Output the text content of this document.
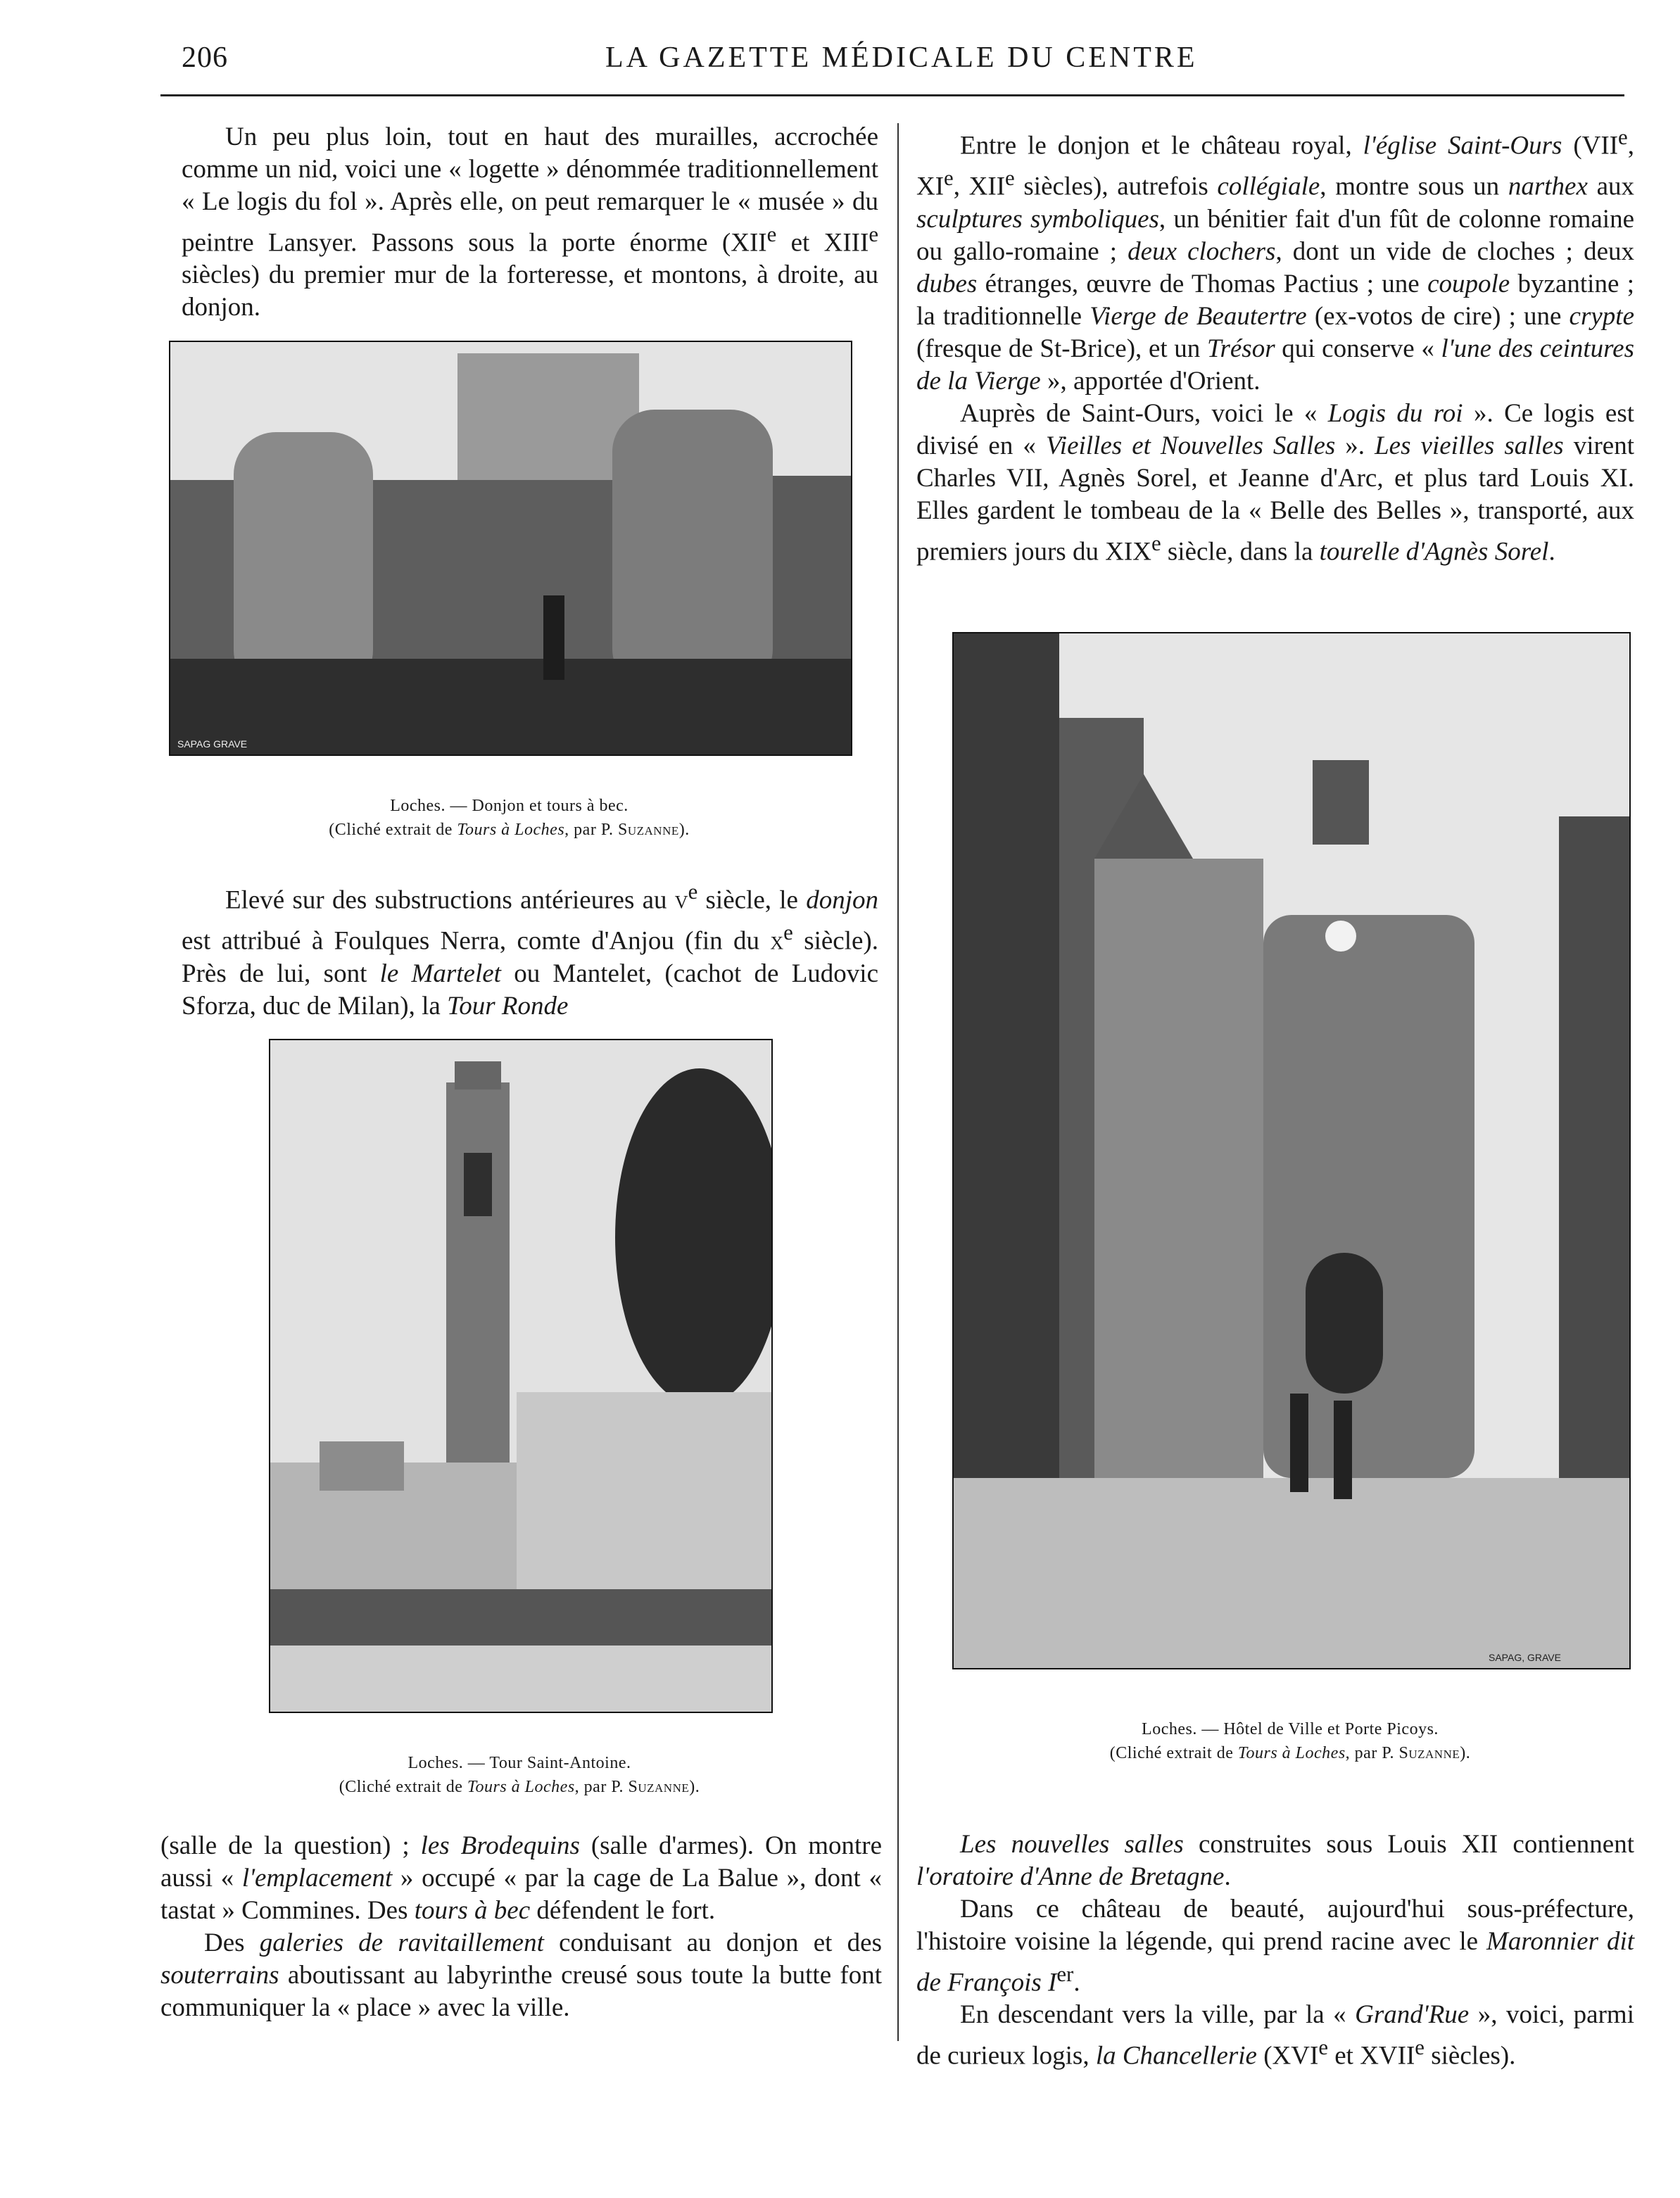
206	LA GAZETTE MÉDICALE DU CENTRE

Un peu plus loin, tout en haut des murailles, accrochée comme un nid, voici une « logette » dénommée traditionnellement « Le logis du fol ». Après elle, on peut remarquer le « musée » du peintre Lansyer. Passons sous la porte énorme (XIIe et XIIIe siècles) du premier mur de la forteresse, et montons, à droite, au donjon.

SAPAG GRAVE
Loches. — Donjon et tours à bec.
(Cliché extrait de Tours à Loches, par P. Suzanne).

Elevé sur des substructions antérieures au $v^e$ siècle, le donjon est attribué à Foulques Nerra, comte d'Anjou (fin du $x^e$ siècle). Près de lui, sont le Martelet ou Mantelet, (cachot de Ludovic Sforza, duc de Milan), la Tour Ronde

Loches. — Tour Saint-Antoine.
(Cliché extrait de Tours à Loches, par P. Suzanne).

(salle de la question) ; les Brodequins (salle d'armes). On montre aussi « l'emplacement » occupé « par la cage de La Balue », dont « tastat » Commines. Des tours à bec défendent le fort.

Des galeries de ravitaillement conduisant au donjon et des souterrains aboutissant au labyrinthe creusé sous toute la butte font communiquer la « place » avec la ville.

Entre le donjon et le château royal, l'église Saint-Ours (VIIe, XIe, XIIe siècles), autrefois collégiale, montre sous un narthex aux sculptures symboliques, un bénitier fait d'un fût de colonne romaine ou gallo-romaine ; deux clochers, dont un vide de cloches ; deux dubes étranges, œuvre de Thomas Pactius ; une coupole byzantine ; la traditionnelle Vierge de Beautertre (ex-votos de cire) ; une crypte (fresque de St-Brice), et un Trésor qui conserve « l'une des ceintures de la Vierge », apportée d'Orient.

Auprès de Saint-Ours, voici le « Logis du roi ». Ce logis est divisé en « Vieilles et Nouvelles Salles ». Les vieilles salles virent Charles VII, Agnès Sorel, et Jeanne d'Arc, et plus tard Louis XI. Elles gardent le tombeau de la « Belle des Belles », transporté, aux premiers jours du XIXe siècle, dans la tourelle d'Agnès Sorel.

SAPAG, GRAVE
Loches. — Hôtel de Ville et Porte Picoys.
(Cliché extrait de Tours à Loches, par P. Suzanne).

Les nouvelles salles construites sous Louis XII contiennent l'oratoire d'Anne de Bretagne.

Dans ce château de beauté, aujourd'hui sous-préfecture, l'histoire voisine la légende, qui prend racine avec le Maronnier dit de François Ier.

En descendant vers la ville, par la « Grand'Rue », voici, parmi de curieux logis, la Chancellerie (XVIe et XVIIe siècles).
